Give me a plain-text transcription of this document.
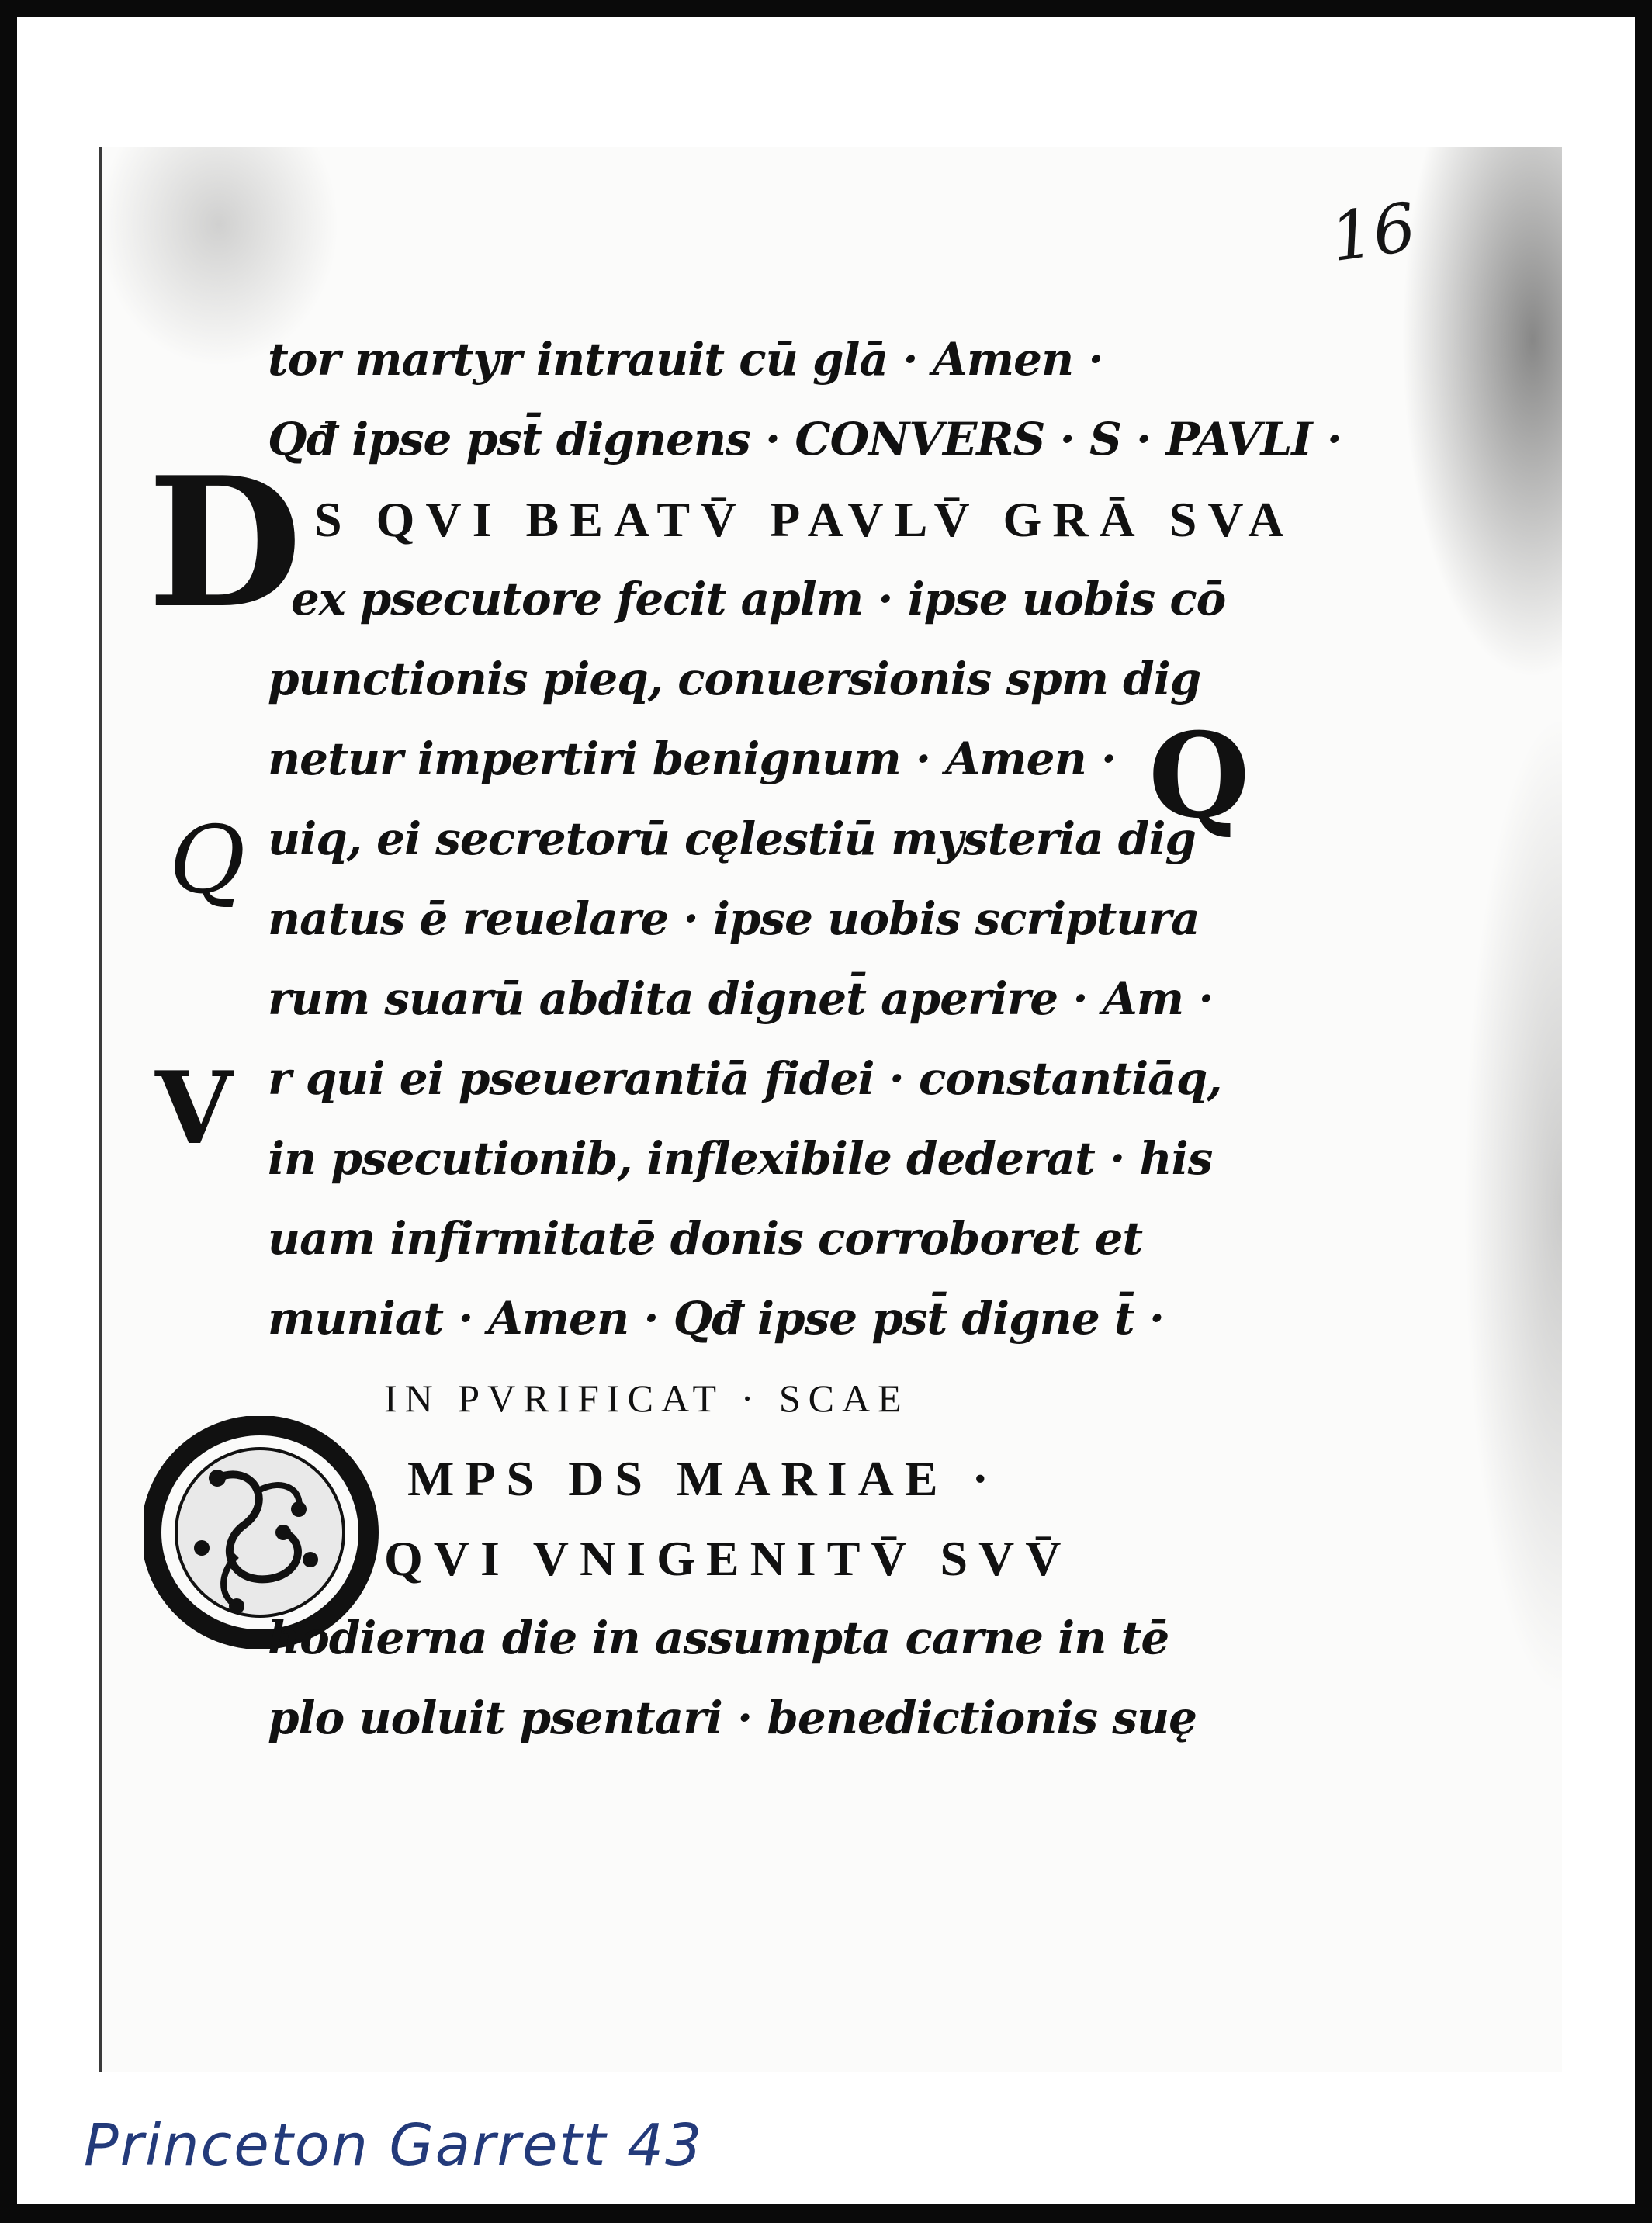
16
D
Q
V
Q
tor martyr intrauit cū glā · Amen ·
Qđ ipse pst̄ dignens · CONVERS · S · PAVLI ·
S QVI BEATV̄ PAVLV̄ GRĀ SVA
ex psecutore fecit aplm · ipse uobis cō
punctionis pieq, conuersionis spm dig
netur impertiri benignum · Amen ·
uiq, ei secretorū cęlestiū mysteria dig
natus ē reuelare · ipse uobis scriptura
rum suarū abdita dignet̄ aperire · Am ·
r qui ei pseuerantiā fidei · constantiāq,
in psecutionib, inflexibile dederat · his
uam infirmitatē donis corroboret et
muniat · Amen · Qđ ipse pst̄ digne t̄ ·
IN PVRIFICAT · SCAE
MPS DS MARIAE ·
QVI VNIGENITV̄ SVV̄
hodierna die in assumpta carne in tē
plo uoluit psentari · benedictionis suę
Princeton Garrett 43
